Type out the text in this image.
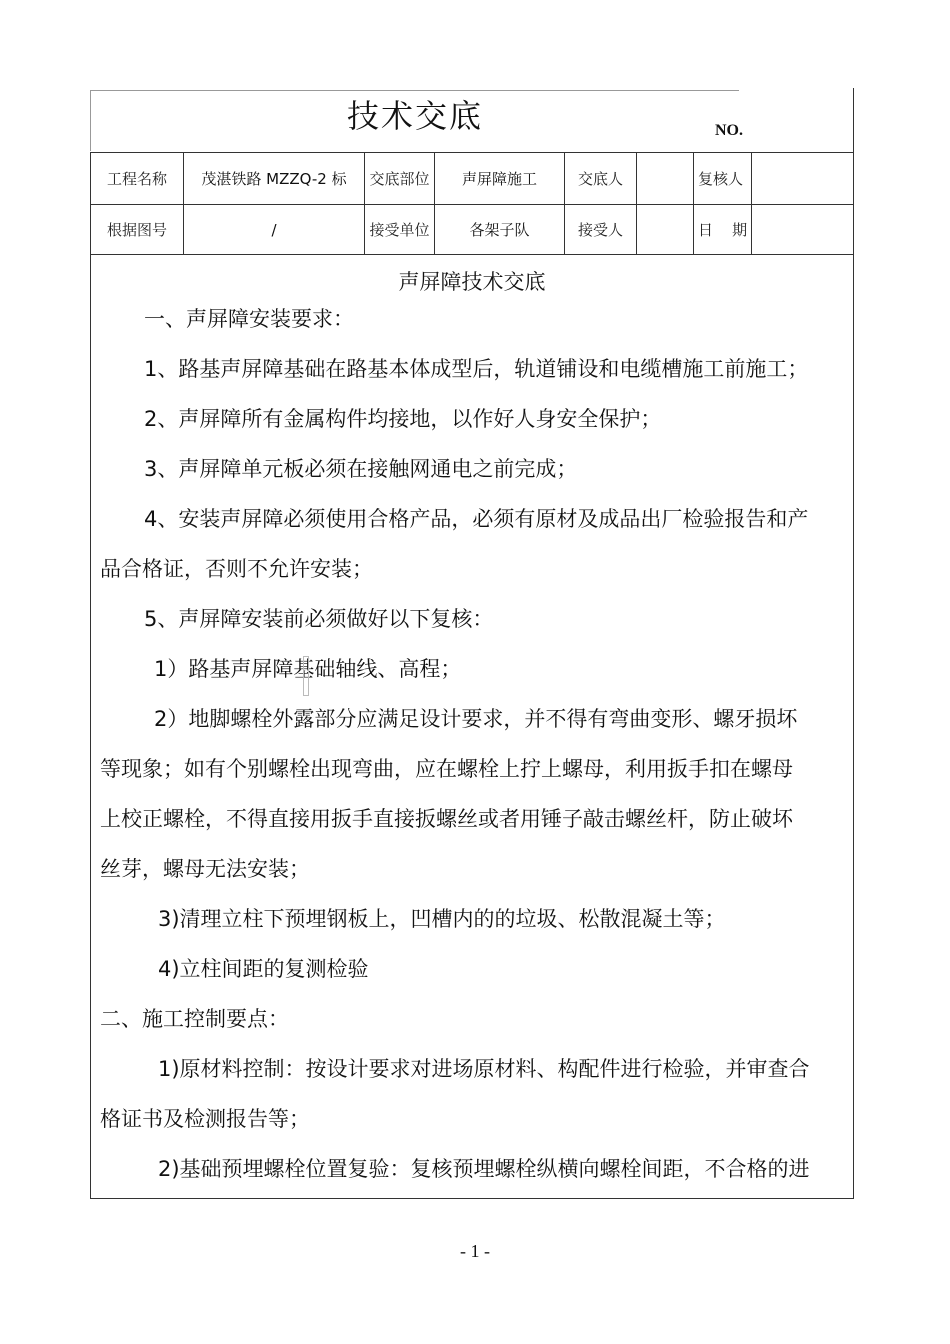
技术交底	NO.
工程名称	茂湛铁路 MZZQ-2 标	交底部位	声屏障施工	交底人		复核人	
根据图号	/	接受单位	各架子队	接受人		日    期	
声屏障技术交底
一、声屏障安装要求：
1、路基声屏障基础在路基本体成型后，轨道铺设和电缆槽施工前施工；
2、声屏障所有金属构件均接地，以作好人身安全保护；
3、声屏障单元板必须在接触网通电之前完成；
4、安装声屏障必须使用合格产品，必须有原材及成品出厂检验报告和产
品合格证，否则不允许安装；
5、声屏障安装前必须做好以下复核：
1）路基声屏障基础轴线、高程；
2）地脚螺栓外露部分应满足设计要求，并不得有弯曲变形、螺牙损坏
等现象；如有个别螺栓出现弯曲，应在螺栓上拧上螺母，利用扳手扣在螺母
上校正螺栓，不得直接用扳手直接扳螺丝或者用锤子敲击螺丝杆，防止破坏
丝芽，螺母无法安装；
3)清理立柱下预埋钢板上，凹槽内的的垃圾、松散混凝土等；
4)立柱间距的复测检验
二、施工控制要点：
1)原材料控制：按设计要求对进场原材料、构配件进行检验，并审查合
格证书及检测报告等；
2)基础预埋螺栓位置复验：复核预埋螺栓纵横向螺栓间距，不合格的进
- 1 -
